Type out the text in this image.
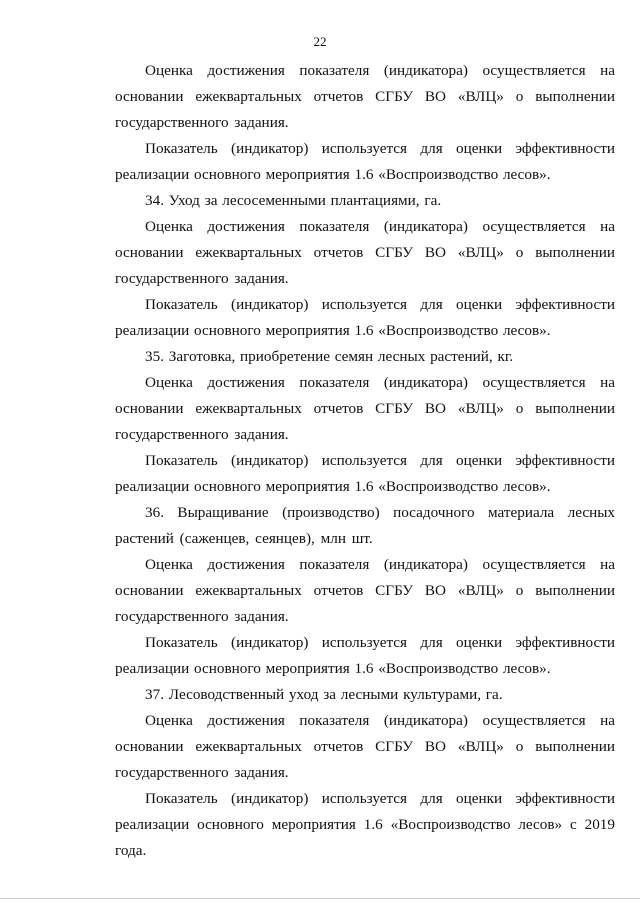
22

Оценка достижения показателя (индикатора) осуществляется на основании ежеквартальных отчетов СГБУ ВО «ВЛЦ» о выполнении государственного задания.

Показатель (индикатор) используется для оценки эффективности реализации основного мероприятия 1.6 «Воспроизводство лесов».

34. Уход за лесосеменными плантациями, га.

Оценка достижения показателя (индикатора) осуществляется на основании ежеквартальных отчетов СГБУ ВО «ВЛЦ» о выполнении государственного задания.

Показатель (индикатор) используется для оценки эффективности реализации основного мероприятия 1.6 «Воспроизводство лесов».

35. Заготовка, приобретение семян лесных растений, кг.

Оценка достижения показателя (индикатора) осуществляется на основании ежеквартальных отчетов СГБУ ВО «ВЛЦ» о выполнении государственного задания.

Показатель (индикатор) используется для оценки эффективности реализации основного мероприятия 1.6 «Воспроизводство лесов».

36. Выращивание (производство) посадочного материала лесных растений (саженцев, сеянцев), млн шт.

Оценка достижения показателя (индикатора) осуществляется на основании ежеквартальных отчетов СГБУ ВО «ВЛЦ» о выполнении государственного задания.

Показатель (индикатор) используется для оценки эффективности реализации основного мероприятия 1.6 «Воспроизводство лесов».

37. Лесоводственный уход за лесными культурами, га.

Оценка достижения показателя (индикатора) осуществляется на основании ежеквартальных отчетов СГБУ ВО «ВЛЦ» о выполнении государственного задания.

Показатель (индикатор) используется для оценки эффективности реализации основного мероприятия 1.6 «Воспроизводство лесов» с 2019 года.
